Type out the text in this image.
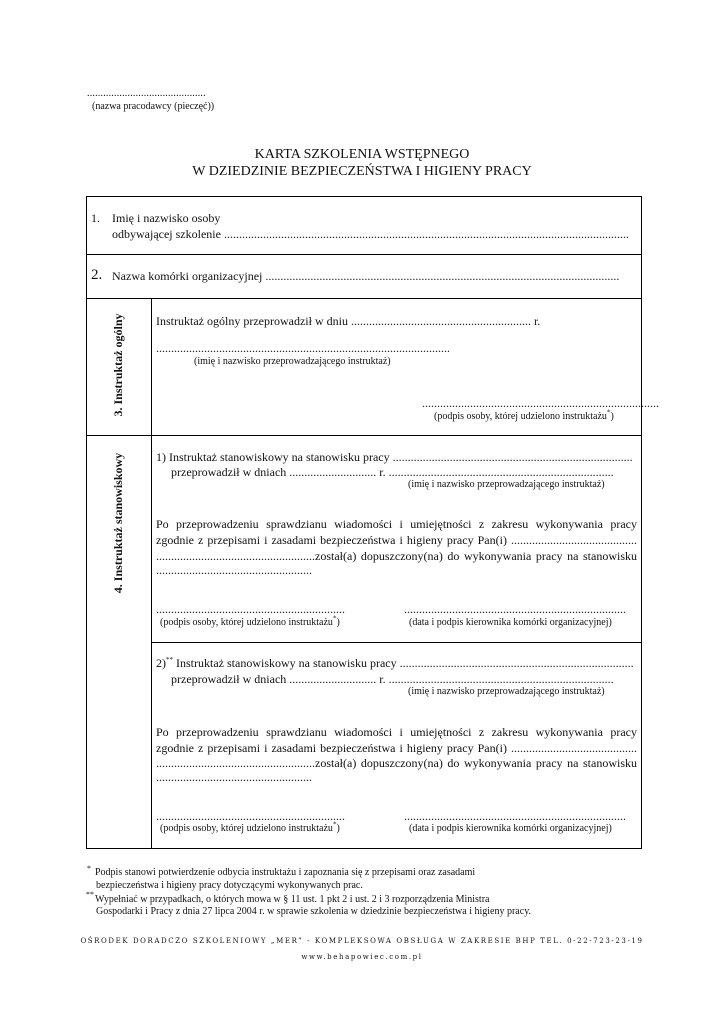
............................................
(nazwa pracodawcy (pieczęć))
KARTA SZKOLENIA WSTĘPNEGO
W DZIEDZINIE BEZPIECZEŃSTWA I HIGIENY PRACY
1. Imię i nazwisko osoby
odbywającej szkolenie .......................................................................................................................................
2. Nazwa komórki organizacyjnej ......................................................................................................................
3. Instruktaż ogólny	Instruktaż ogólny przeprowadził w dniu ............................................................ r.
..................................................................................................
(imię i nazwisko przeprowadzającego instruktaż)
...............................................................................
(podpis osoby, której udzielono instruktażu*)
4. Instruktaż stanowiskowy	1) Instruktaż stanowiskowy na stanowisku pracy ................................................................................
przeprowadził w dniach ............................. r. ...........................................................................
(imię i nazwisko przeprowadzającego instruktaż)
Po przeprowadzeniu sprawdzianu wiadomości i umiejętności z zakresu wykonywania pracy
zgodnie z przepisami i zasadami bezpieczeństwa i higieny pracy Pan(i) ..........................................
.....................................................został(a) dopuszczony(na) do wykonywania pracy na stanowisku
....................................................
...............................................................	..........................................................................
(podpis osoby, której udzielono instruktażu*)	(data i podpis kierownika komórki organizacyjnej)
2)** Instruktaż stanowiskowy na stanowisku pracy ..............................................................................
przeprowadził w dniach ............................. r. ...........................................................................
(imię i nazwisko przeprowadzającego instruktaż)
Po przeprowadzeniu sprawdzianu wiadomości i umiejętności z zakresu wykonywania pracy
zgodnie z przepisami i zasadami bezpieczeństwa i higieny pracy Pan(i) ..........................................
.....................................................został(a) dopuszczony(na) do wykonywania pracy na stanowisku
....................................................
...............................................................	..........................................................................
(podpis osoby, której udzielono instruktażu*)	(data i podpis kierownika komórki organizacyjnej)
* Podpis stanowi potwierdzenie odbycia instruktażu i zapoznania się z przepisami oraz zasadami
bezpieczeństwa i higieny pracy dotyczącymi wykonywanych prac.
** Wypełniać w przypadkach, o których mowa w § 11 ust. 1 pkt 2 i ust. 2 i 3 rozporządzenia Ministra
Gospodarki i Pracy z dnia 27 lipca 2004 r. w sprawie szkolenia w dziedzinie bezpieczeństwa i higieny pracy.
OŚRODEK DORADCZO SZKOLENIOWY „MER” - KOMPLEKSOWA OBSŁUGA W ZAKRESIE BHP TEL. 0-22-723-23-19
www.behapowiec.com.pl
